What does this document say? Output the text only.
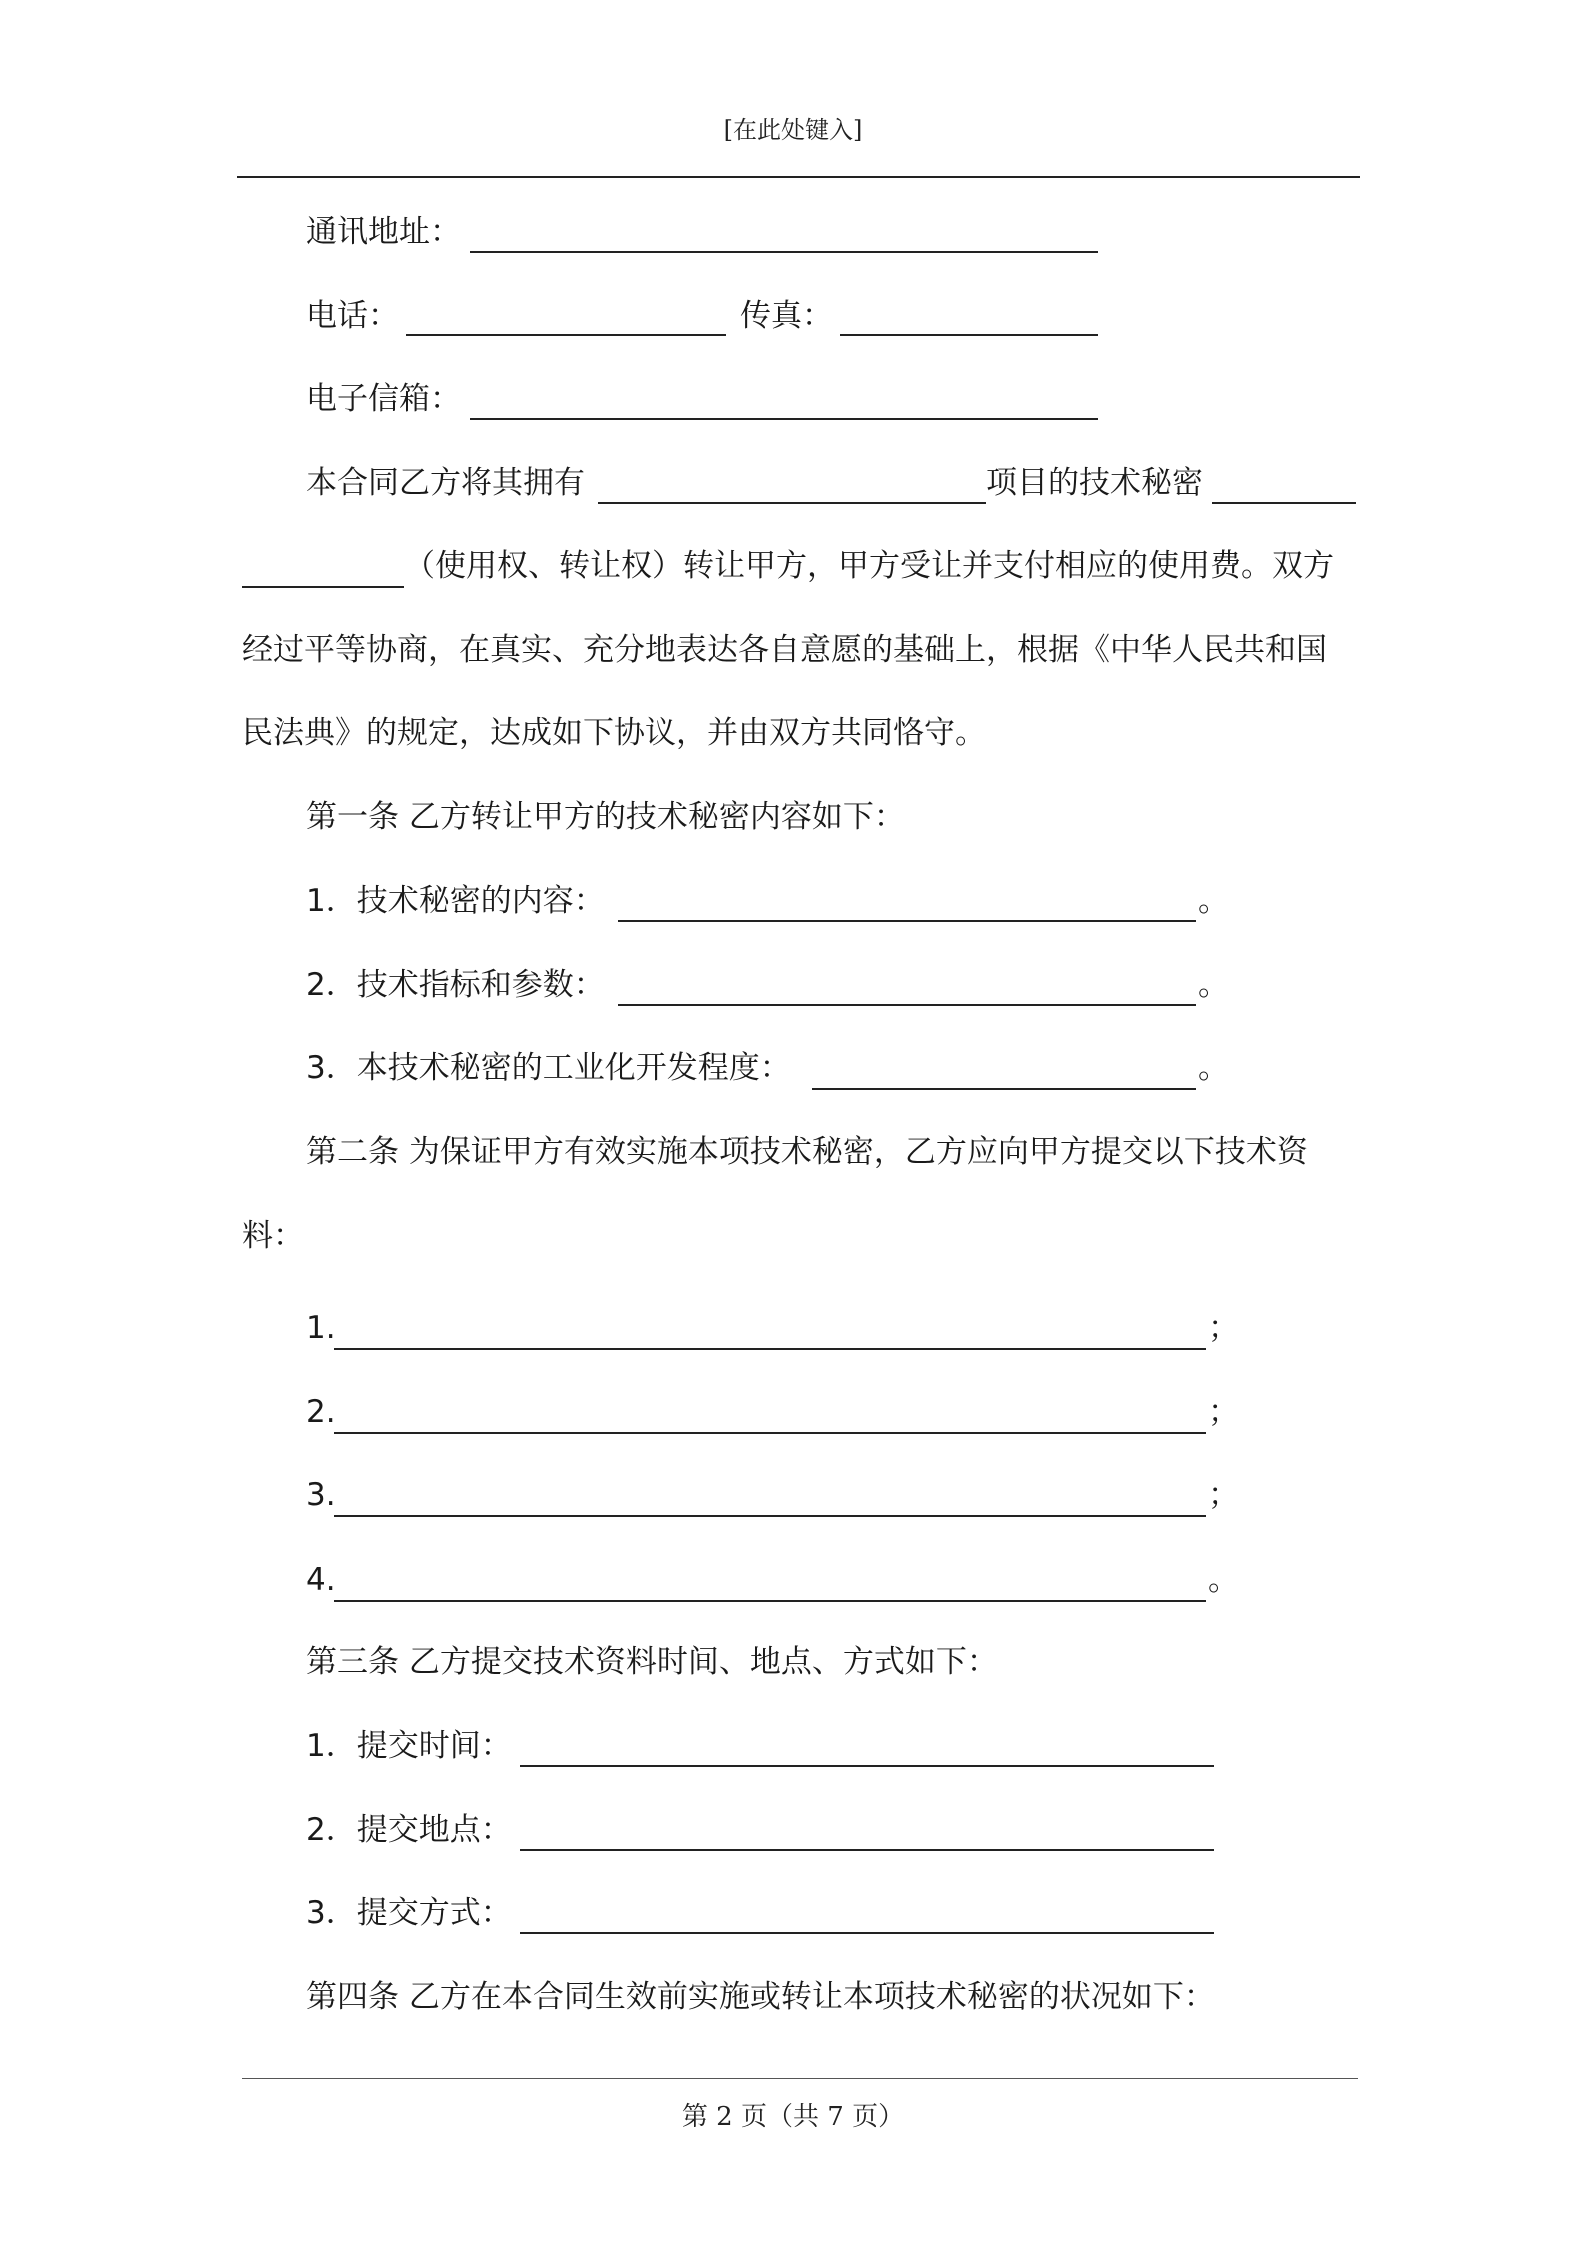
[在此处键入]
通讯地址：
电话：	传真：
电子信箱：
本合同乙方将其拥有	项目的技术秘密
（使用权、转让权）转让甲方，甲方受让并支付相应的使用费。双方
经过平等协商，在真实、充分地表达各自意愿的基础上，根据《中华人民共和国
民法典》的规定，达成如下协议，并由双方共同恪守。
第一条 乙方转让甲方的技术秘密内容如下：
1．技术秘密的内容：	。
2．技术指标和参数：	。
3．本技术秘密的工业化开发程度：	。
第二条 为保证甲方有效实施本项技术秘密，乙方应向甲方提交以下技术资
料：
1.	；
2.	；
3.	；
4.	。
第三条 乙方提交技术资料时间、地点、方式如下：
1．提交时间：
2．提交地点：
3．提交方式：
第四条 乙方在本合同生效前实施或转让本项技术秘密的状况如下：
第 2 页（共 7 页）
